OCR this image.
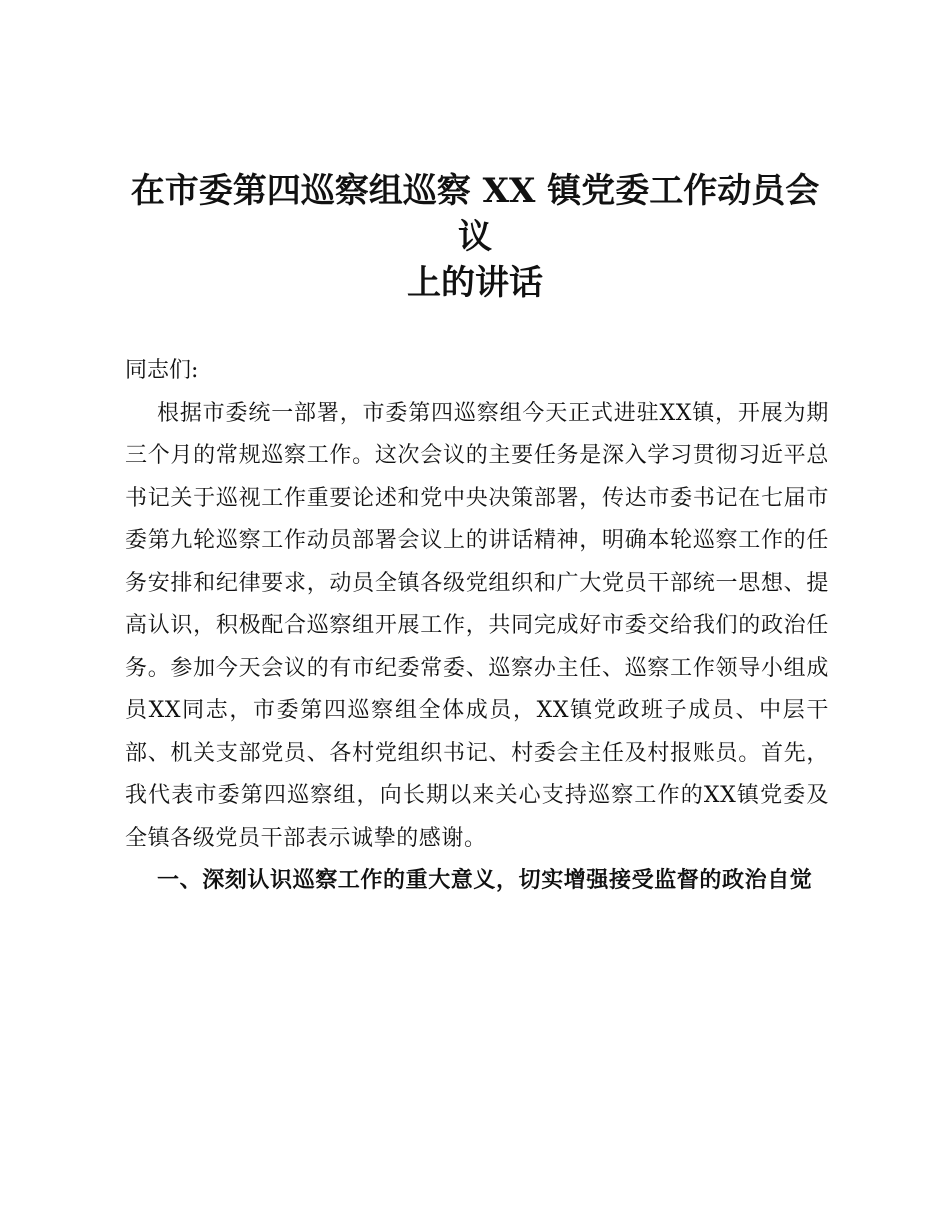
在市委第四巡察组巡察 XX 镇党委工作动员会议
上的讲话

同志们:

根据市委统一部署，市委第四巡察组今天正式进驻XX镇，开展为期三个月的常规巡察工作。这次会议的主要任务是深入学习贯彻习近平总书记关于巡视工作重要论述和党中央决策部署，传达市委书记在七届市委第九轮巡察工作动员部署会议上的讲话精神，明确本轮巡察工作的任务安排和纪律要求，动员全镇各级党组织和广大党员干部统一思想、提高认识，积极配合巡察组开展工作，共同完成好市委交给我们的政治任务。参加今天会议的有市纪委常委、巡察办主任、巡察工作领导小组成员XX同志，市委第四巡察组全体成员，XX镇党政班子成员、中层干部、机关支部党员、各村党组织书记、村委会主任及村报账员。首先，我代表市委第四巡察组，向长期以来关心支持巡察工作的XX镇党委及全镇各级党员干部表示诚挚的感谢。

一、深刻认识巡察工作的重大意义，切实增强接受监督的政治自觉
